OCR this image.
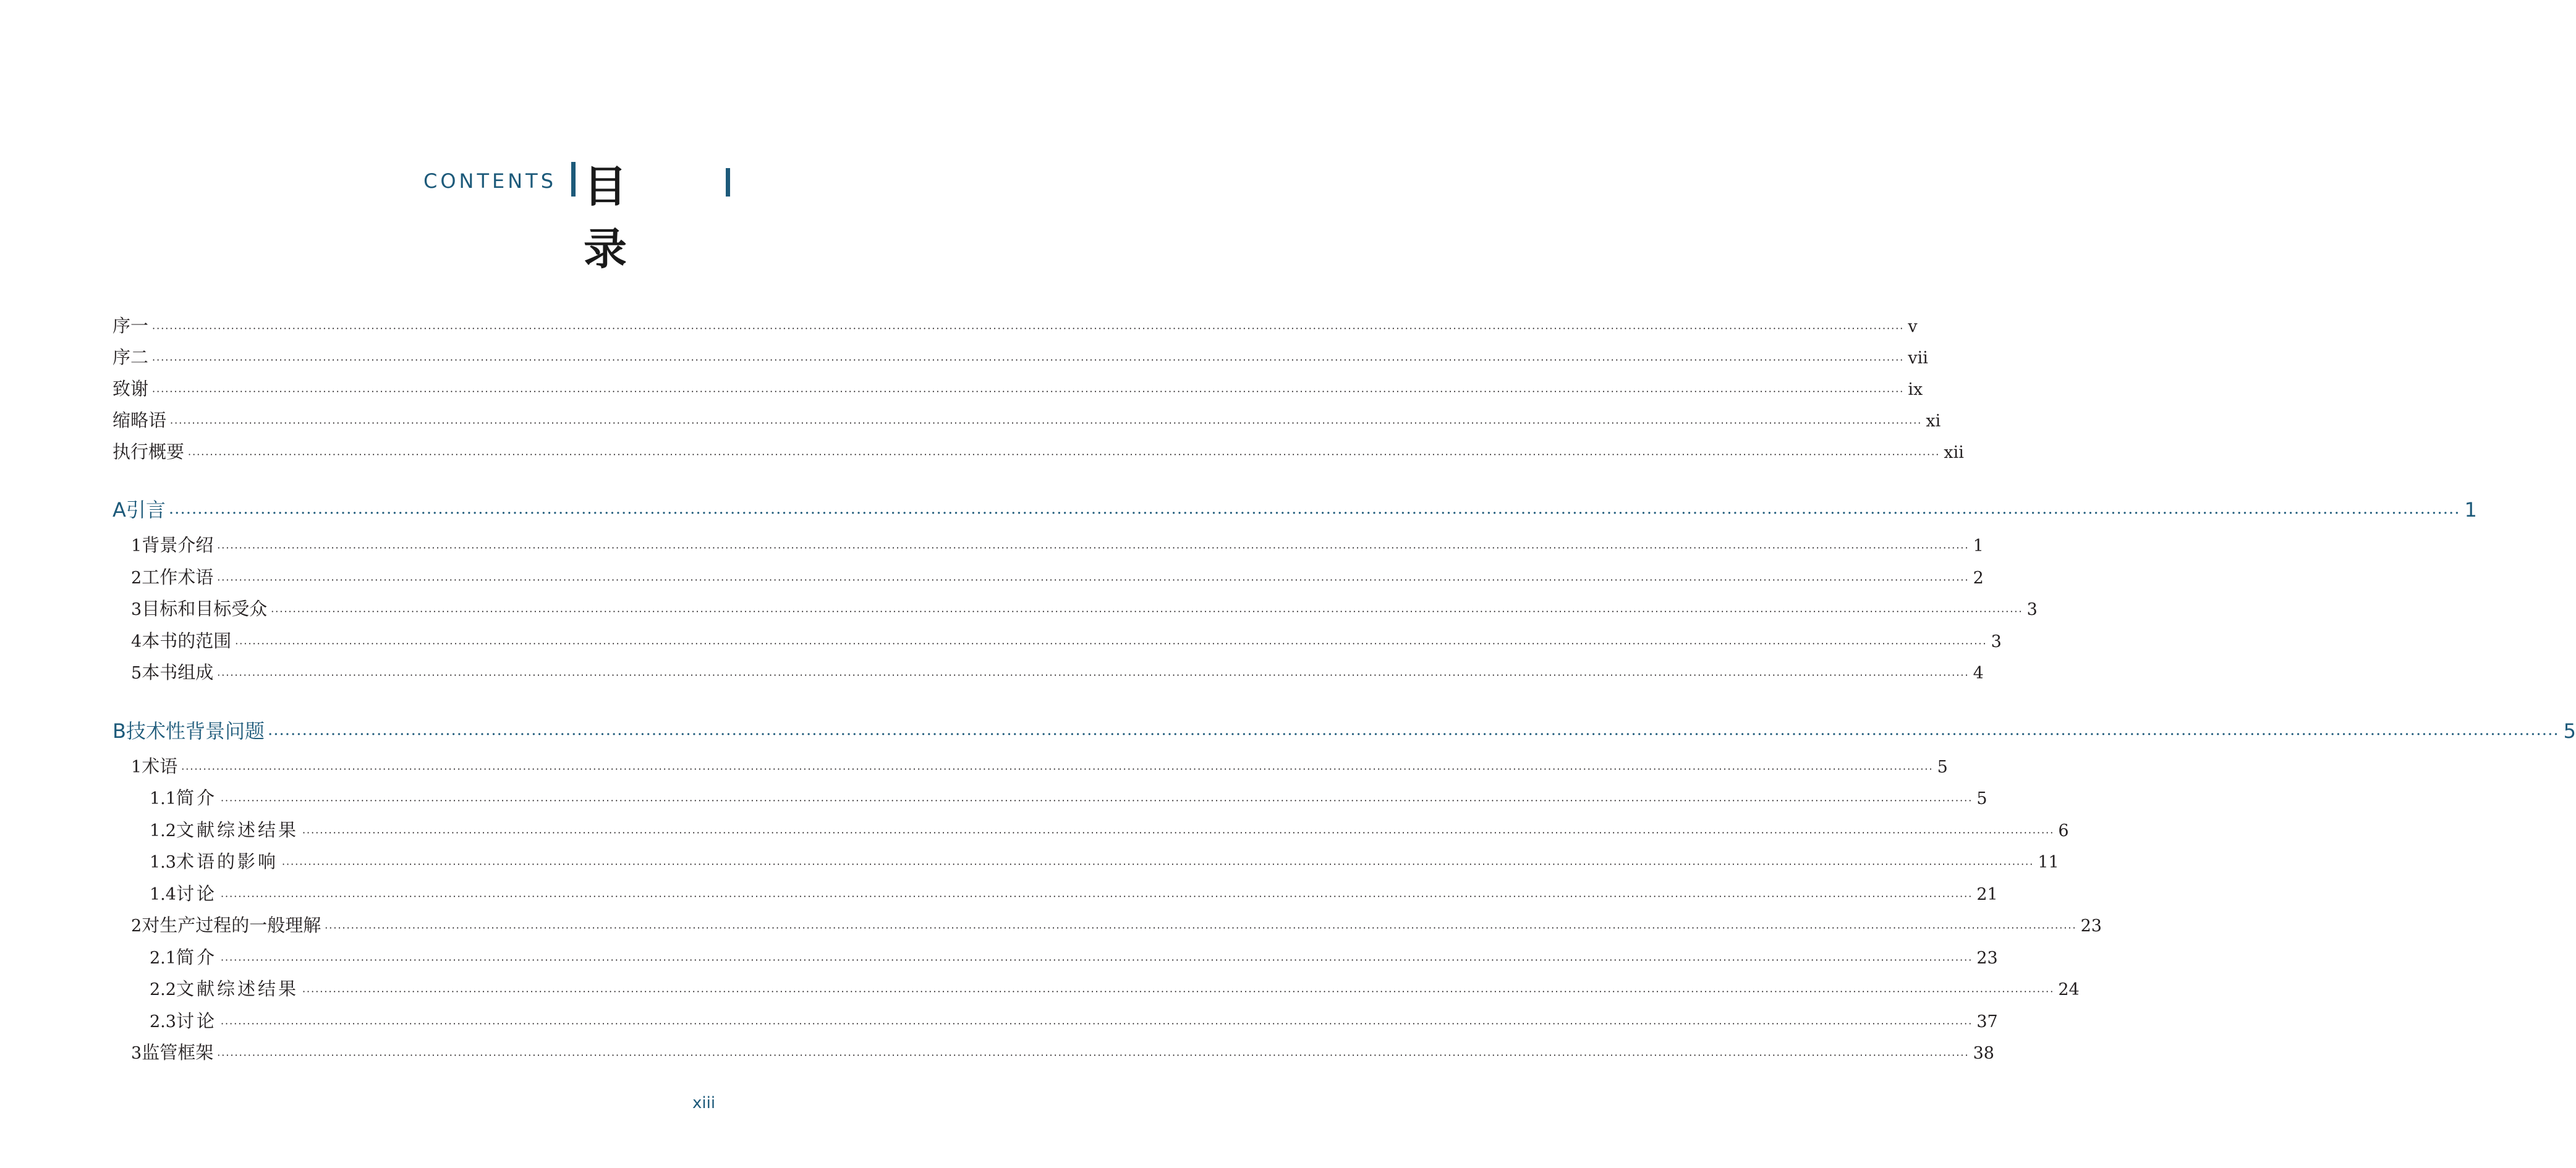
CONTENTS 目录
序一 ················································································································································································································································································································································································································ v
序二 ················································································································································································································································································································································································································ vii
致谢 ················································································································································································································································································································································································································ ix
缩略语 ················································································································································································································································································································································································································ xi
执行概要 ················································································································································································································································································································································································································ xii
A 引言 ················································································································································································································································································································································································································ 1
1 背景介绍 ················································································································································································································································································································································································································ 1
2 工作术语 ················································································································································································································································································································································································································ 2
3 目标和目标受众 ················································································································································································································································································································································································································ 3
4 本书的范围 ················································································································································································································································································································································································································ 3
5 本书组成 ················································································································································································································································································································································································································ 4
B 技术性背景问题 ················································································································································································································································································································································································································ 5
1 术语 ················································································································································································································································································································································································································ 5
1.1 简介 ················································································································································································································································································································································································································ 5
1.2 文献综述结果 ················································································································································································································································································································································································································ 6
1.3 术语的影响 ················································································································································································································································································································································································································ 11
1.4 讨论 ················································································································································································································································································································································································································ 21
2 对生产过程的一般理解 ················································································································································································································································································································································································································ 23
2.1 简介 ················································································································································································································································································································································································································ 23
2.2 文献综述结果 ················································································································································································································································································································································································································ 24
2.3 讨论 ················································································································································································································································································································································································································ 37
3 监管框架 ················································································································································································································································································································································································································ 38
xiii
